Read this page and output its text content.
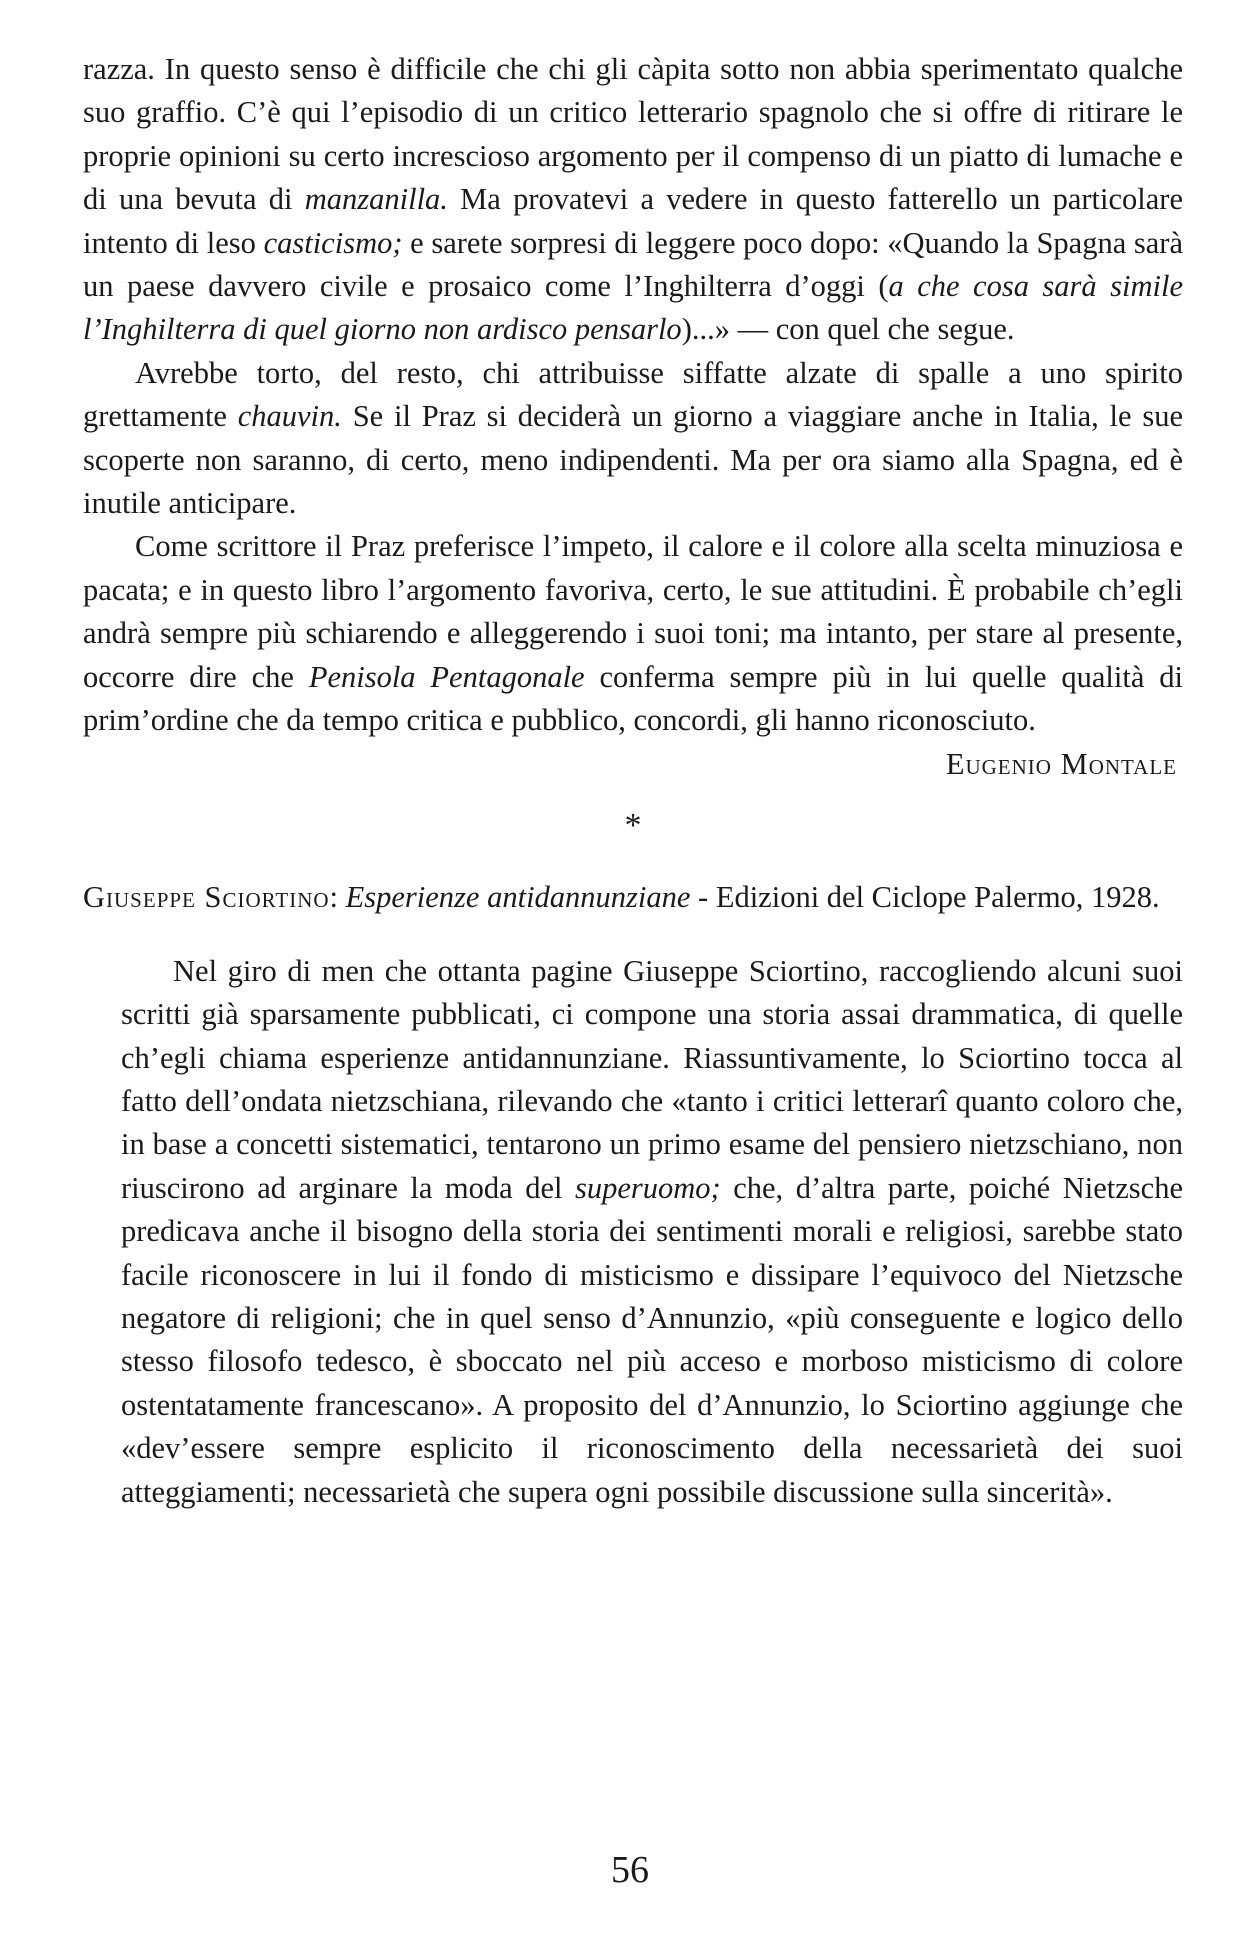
razza. In questo senso è difficile che chi gli càpita sotto non abbia sperimentato qualche suo graffio. C’è qui l’episodio di un critico letterario spagnolo che si offre di ritirare le proprie opinioni su certo increscioso argomento per il compenso di un piatto di lumache e di una bevuta di manzanilla. Ma provatevi a vedere in questo fatterello un particolare intento di leso casticismo; e sarete sorpresi di leggere poco dopo: «Quando la Spagna sarà un paese davvero civile e prosaico come l’Inghilterra d’oggi (a che cosa sarà simile l’Inghilterra di quel giorno non ardisco pensarlo)...» — con quel che segue.

Avrebbe torto, del resto, chi attribuisse siffatte alzate di spalle a uno spirito grettamente chauvin. Se il Praz si deciderà un giorno a viaggiare anche in Italia, le sue scoperte non saranno, di certo, meno indipendenti. Ma per ora siamo alla Spagna, ed è inutile anticipare.

Come scrittore il Praz preferisce l’impeto, il calore e il colore alla scelta minuziosa e pacata; e in questo libro l’argomento favoriva, certo, le sue attitudini. È probabile ch’egli andrà sempre più schiarendo e alleggerendo i suoi toni; ma intanto, per stare al presente, occorre dire che Penisola Pentagonale conferma sempre più in lui quelle qualità di prim’ordine che da tempo critica e pubblico, concordi, gli hanno riconosciuto.

Eugenio Montale

*

Giuseppe Sciortino: Esperienze antidannunziane - Edizioni del Ciclope Palermo, 1928.

Nel giro di men che ottanta pagine Giuseppe Sciortino, raccogliendo alcuni suoi scritti già sparsamente pubblicati, ci compone una storia assai drammatica, di quelle ch’egli chiama esperienze antidannunziane. Riassuntivamente, lo Sciortino tocca al fatto dell’ondata nietzschiana, rilevando che «tanto i critici letterarî quanto coloro che, in base a concetti sistematici, tentarono un primo esame del pensiero nietzschiano, non riuscirono ad arginare la moda del superuomo; che, d’altra parte, poiché Nietzsche predicava anche il bisogno della storia dei sentimenti morali e religiosi, sarebbe stato facile riconoscere in lui il fondo di misticismo e dissipare l’equivoco del Nietzsche negatore di religioni; che in quel senso d’Annunzio, «più conseguente e logico dello stesso filosofo tedesco, è sboccato nel più acceso e morboso misticismo di colore ostentatamente francescano». A proposito del d’Annunzio, lo Sciortino aggiunge che «dev’essere sempre esplicito il riconoscimento della necessarietà dei suoi atteggiamenti; necessarietà che supera ogni possibile discussione sulla sincerità».

56
